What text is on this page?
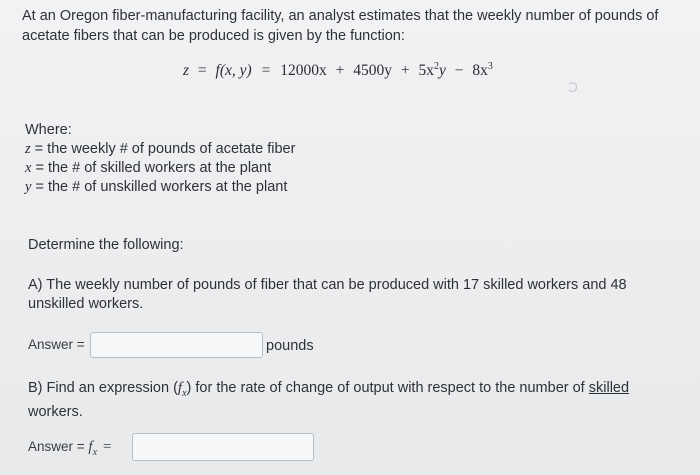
At an Oregon fiber-manufacturing facility, an analyst estimates that the weekly number of pounds of acetate fibers that can be produced is given by the function:
z = f(x, $y) = 12000x + 4500y + 5x^2y - 8x^3$
Where:
z = the weekly # of pounds of acetate fiber
x = the # of skilled workers at the plant
y = the # of unskilled workers at the plant
Determine the following:
A) The weekly number of pounds of fiber that can be produced with 17 skilled workers and 48 unskilled workers.
Answer =	pounds
B) Find an expression $(f_x)$ for the rate of change of output with respect to the number of skilled workers.
Answer = $f_x$ =
